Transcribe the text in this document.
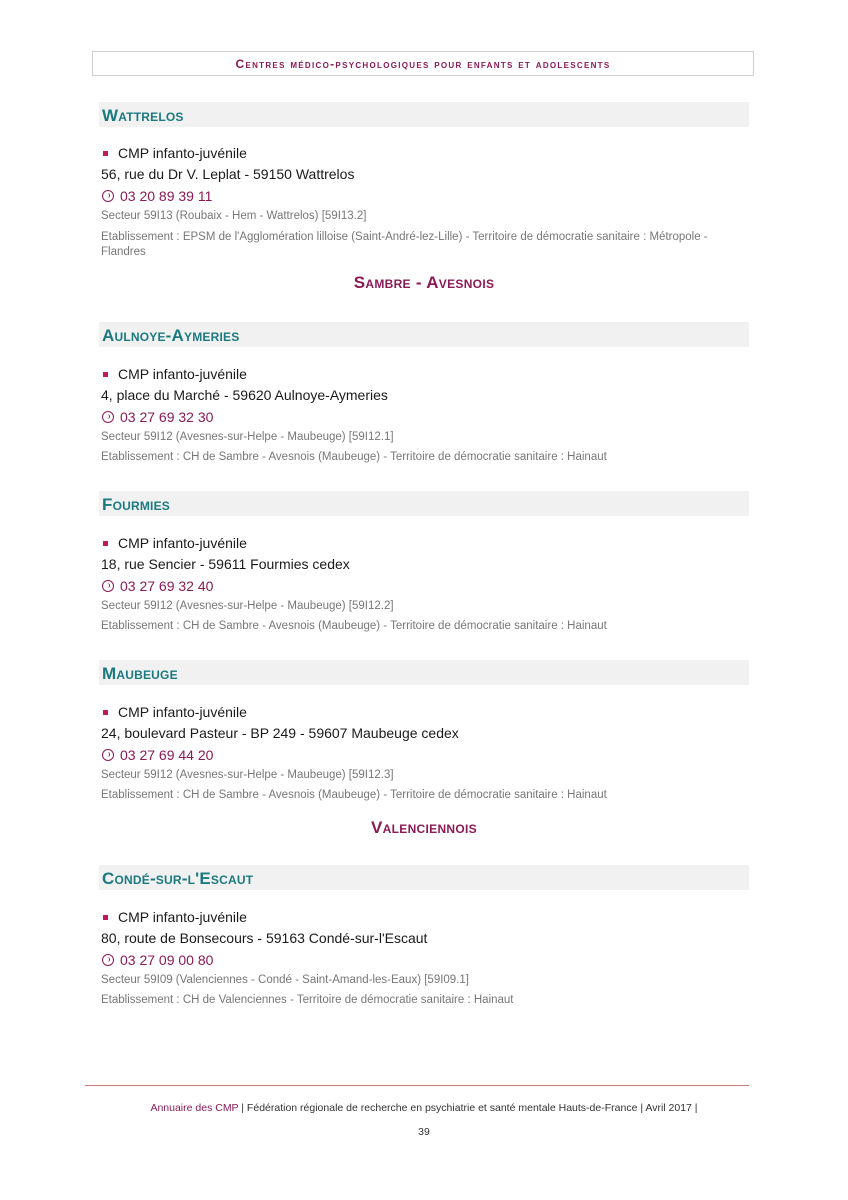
Centres médico-psychologiques pour enfants et adolescents
Wattrelos
CMP infanto-juvénile
56, rue du Dr V. Leplat - 59150 Wattrelos
03 20 89 39 11
Secteur 59I13 (Roubaix - Hem - Wattrelos) [59I13.2]
Etablissement : EPSM de l'Agglomération lilloise (Saint-André-lez-Lille) - Territoire de démocratie sanitaire : Métropole - Flandres
Sambre - Avesnois
Aulnoye-Aymeries
CMP infanto-juvénile
4, place du Marché - 59620 Aulnoye-Aymeries
03 27 69 32 30
Secteur 59I12 (Avesnes-sur-Helpe - Maubeuge) [59I12.1]
Etablissement : CH de Sambre - Avesnois (Maubeuge) - Territoire de démocratie sanitaire : Hainaut
Fourmies
CMP infanto-juvénile
18, rue Sencier - 59611 Fourmies cedex
03 27 69 32 40
Secteur 59I12 (Avesnes-sur-Helpe - Maubeuge) [59I12.2]
Etablissement : CH de Sambre - Avesnois (Maubeuge) - Territoire de démocratie sanitaire : Hainaut
Maubeuge
CMP infanto-juvénile
24, boulevard Pasteur - BP 249 - 59607 Maubeuge cedex
03 27 69 44 20
Secteur 59I12 (Avesnes-sur-Helpe - Maubeuge) [59I12.3]
Etablissement : CH de Sambre - Avesnois (Maubeuge) - Territoire de démocratie sanitaire : Hainaut
Valenciennois
Condé-sur-l'Escaut
CMP infanto-juvénile
80, route de Bonsecours - 59163 Condé-sur-l'Escaut
03 27 09 00 80
Secteur 59I09 (Valenciennes - Condé - Saint-Amand-les-Eaux) [59I09.1]
Etablissement : CH de Valenciennes - Territoire de démocratie sanitaire : Hainaut
Annuaire des CMP | Fédération régionale de recherche en psychiatrie et santé mentale Hauts-de-France | Avril 2017 |
39
